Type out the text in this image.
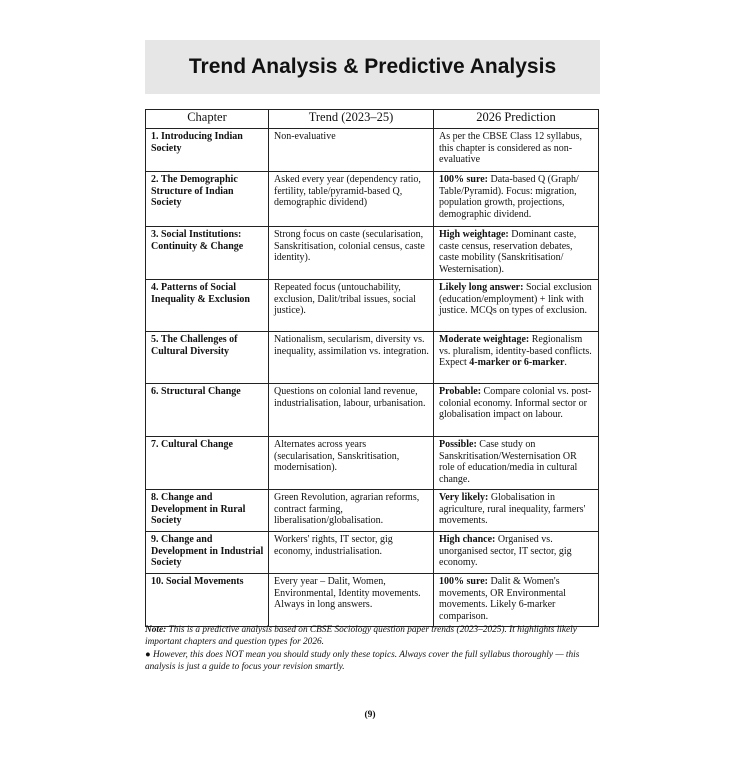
Trend Analysis & Predictive Analysis
Chapter	Trend (2023–25)	2026 Prediction
1. Introducing Indian Society	Non-evaluative	As per the CBSE Class 12 syllabus, this chapter is considered as non-evaluative
2. The Demographic Structure of Indian Society	Asked every year (dependency ratio, fertility, table/pyramid-based Q, demographic dividend)	100% sure: Data-based Q (Graph/ Table/Pyramid). Focus: migration, population growth, projections, demographic dividend.
3. Social Institutions: Continuity & Change	Strong focus on caste (secularisation, Sanskritisation, colonial census, caste identity).	High weightage: Dominant caste, caste census, reservation debates, caste mobility (Sanskritisation/ Westernisation).
4. Patterns of Social Inequality & Exclusion	Repeated focus (untouchability, exclusion, Dalit/tribal issues, social justice).	Likely long answer: Social exclusion (education/employment) + link with justice. MCQs on types of exclusion.
5. The Challenges of Cultural Diversity	Nationalism, secularism, diversity vs. inequality, assimilation vs. integration.	Moderate weightage: Regionalism vs. pluralism, identity-based conflicts. Expect 4-marker or 6-marker.
6. Structural Change	Questions on colonial land revenue, industrialisation, labour, urbanisation.	Probable: Compare colonial vs. post-colonial economy. Informal sector or globalisation impact on labour.
7. Cultural Change	Alternates across years (secularisation, Sanskritisation, modernisation).	Possible: Case study on Sanskritisation/Westernisation OR role of education/media in cultural change.
8. Change and Development in Rural Society	Green Revolution, agrarian reforms, contract farming, liberalisation/globalisation.	Very likely: Globalisation in agriculture, rural inequality, farmers' movements.
9. Change and Development in Industrial Society	Workers' rights, IT sector, gig economy, industrialisation.	High chance: Organised vs. unorganised sector, IT sector, gig economy.
10. Social Movements	Every year – Dalit, Women, Environmental, Identity movements. Always in long answers.	100% sure: Dalit & Women's movements, OR Environmental movements. Likely 6-marker comparison.

Note: This is a predictive analysis based on CBSE Sociology question paper trends (2023–2025). It highlights likely important chapters and question types for 2026.

● However, this does NOT mean you should study only these topics. Always cover the full syllabus thoroughly — this analysis is just a guide to focus your revision smartly.

(9)
